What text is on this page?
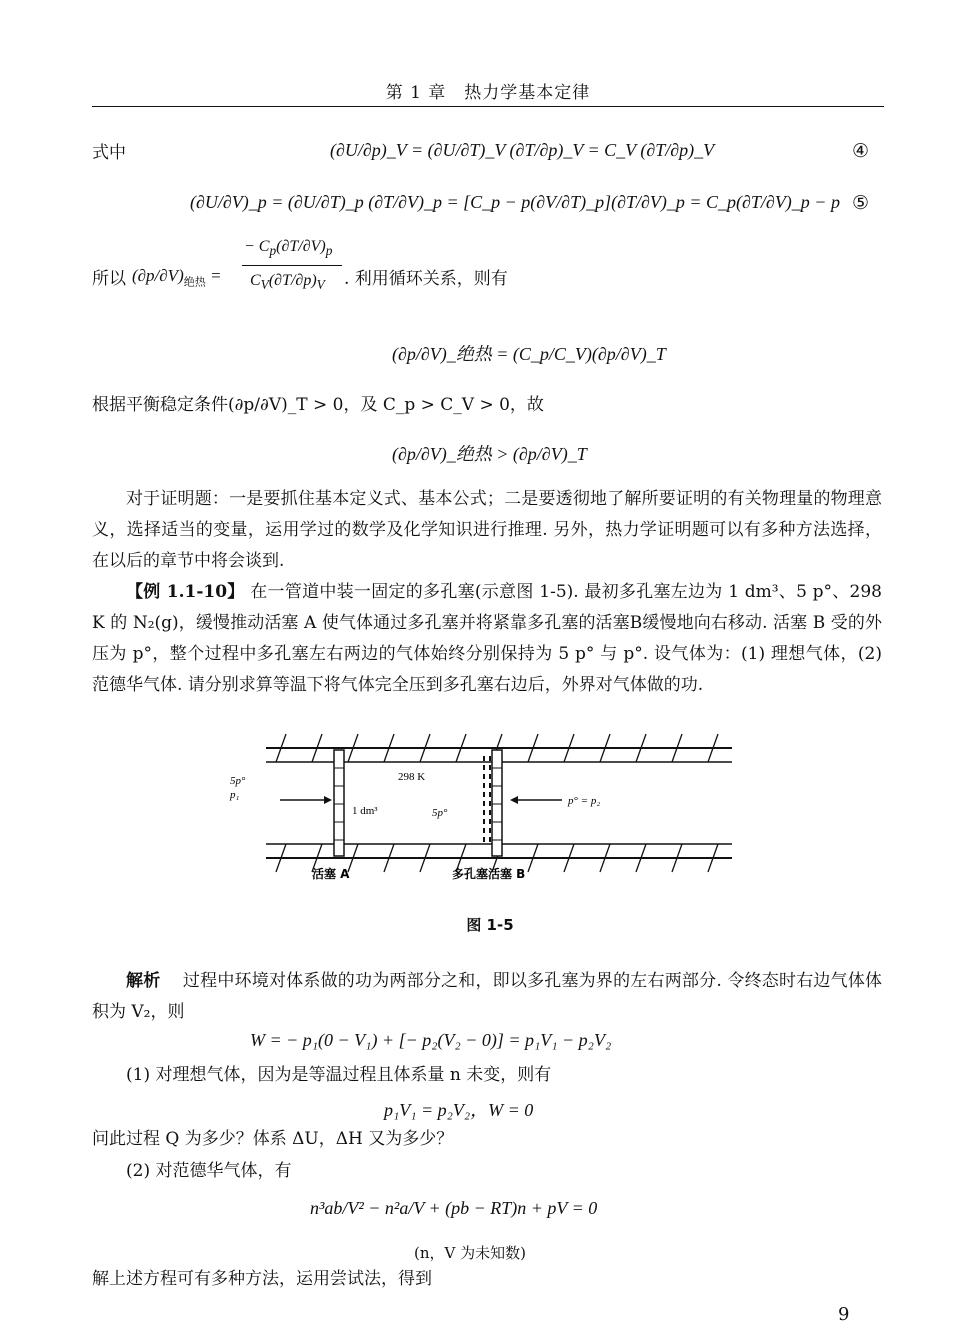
第 1 章　热力学基本定律
式中	(∂U/∂p)_V = (∂U/∂T)_V (∂T/∂p)_V = C_V (∂T/∂p)_V	④
(∂U/∂V)_p = (∂U/∂T)_p (∂T/∂V)_p = [C_p − p(∂V/∂T)_p](∂T/∂V)_p = C_p(∂T/∂V)_p − p ⑤
所以 $(\partial p/\partial V)_{绝热}$ =
− $C_p(\partial T/\partial V)_p$
$C_V(\partial T/\partial p)_V$ . 利用循环关系，则有
(∂p/∂V)_绝热 = (C_p/C_V)(∂p/∂V)_T
根据平衡稳定条件(∂p/∂V)_T > 0，及 C_p > C_V > 0，故
(∂p/∂V)_绝热 > (∂p/∂V)_T
对于证明题：一是要抓住基本定义式、基本公式；二是要透彻地了解所要证明的有关物理量的物理意义，选择适当的变量，运用学过的数学及化学知识进行推理. 另外，热力学证明题可以有多种方法选择，在以后的章节中将会谈到.
【例 1.1-10】 在一管道中装一固定的多孔塞(示意图 1-5). 最初多孔塞左边为 1 dm³、5 p°、298 K 的 N₂(g)，缓慢推动活塞 A 使气体通过多孔塞并将紧靠多孔塞的活塞B缓慢地向右移动. 活塞 B 受的外压为 p°，整个过程中多孔塞左右两边的气体始终分别保持为 5 p° 与 p°. 设气体为：(1) 理想气体，(2) 范德华气体. 请分别求算等温下将气体完全压到多孔塞右边后，外界对气体做的功.
5p°
p₁
298 K
1 dm³	5p°
p° = p₂
活塞 A	多孔塞活塞 B
图 1-5
解析 过程中环境对体系做的功为两部分之和，即以多孔塞为界的左右两部分. 令终态时右边气体体积为 V₂，则
W = − p₁(0 − V₁) + [− p₂(V₂ − 0)] = p₁V₁ − p₂V₂
(1) 对理想气体，因为是等温过程且体系量 n 未变，则有
p₁V₁ = p₂V₂，W = 0
问此过程 Q 为多少？体系 ΔU，ΔH 又为多少？
(2) 对范德华气体，有
n³ab/V² − n²a/V + (pb − RT)n + pV = 0
(n，V 为未知数)
解上述方程可有多种方法，运用尝试法，得到
9
